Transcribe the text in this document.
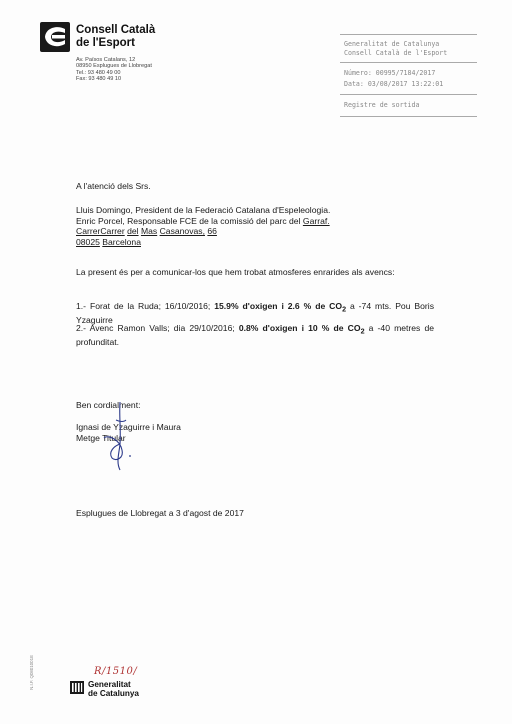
Consell Català
de l'Esport
Av. Països Catalans, 12
08950 Esplugues de Llobregat
Tel.: 93 480 49 00
Fax: 93 480 49 10
Generalitat de Catalunya
Consell Català de l'Esport
Número: 00995/7184/2017
Data: 03/08/2017 13:22:01
Registre de sortida
A l'atenció dels Srs.
Lluis Domingo, President de la Federació Catalana d'Espeleologia.
Enric Porcel, Responsable FCE de la comissió del parc del Garraf.
CarrerCarrer del Mas Casanovas, 66
08025 Barcelona
La present és per a comunicar-los que hem trobat atmosferes enrarides als avencs:
1.- Forat de la Ruda; 16/10/2016; 15.9% d'oxigen i 2.6 % de $CO_2$ a -74 mts. Pou Boris Yzaguirre
2.- Avenc Ramon Valls; dia 29/10/2016; 0.8% d'oxigen i 10 % de $CO_2$ a -40 metres de profunditat.
Ben cordialment:
Ignasi de Yzaguirre i Maura
Metge Titular
Esplugues de Llobregat a 3 d'agost de 2017
N.I.F. Q0801001E	R/1510/
Generalitat
de Catalunya
